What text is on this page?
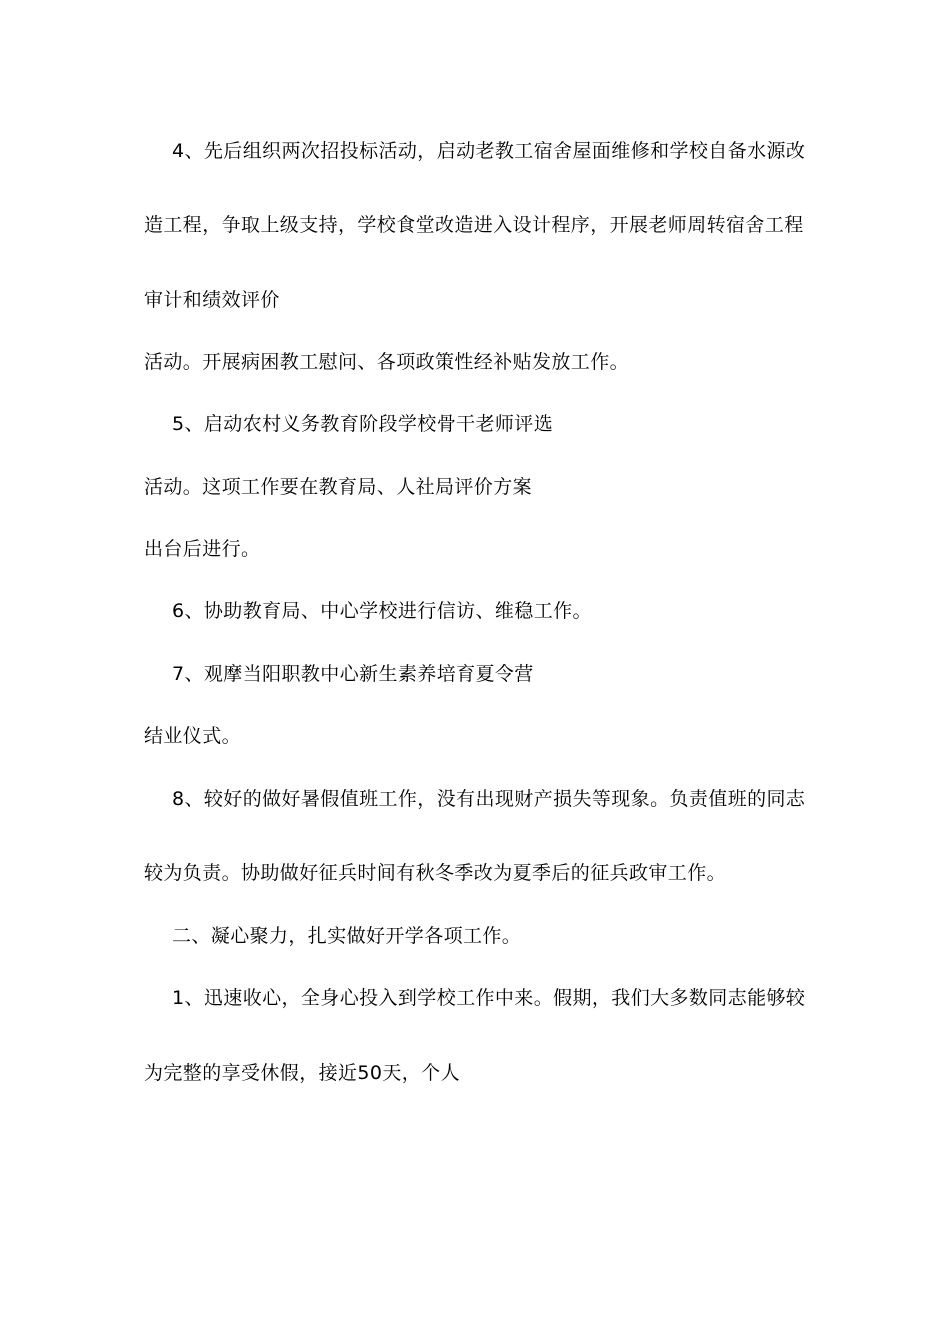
4、先后组织两次招投标活动，启动老教工宿舍屋面维修和学校自备水源改
造工程，争取上级支持，学校食堂改造进入设计程序，开展老师周转宿舍工程
审计和绩效评价
活动。开展病困教工慰问、各项政策性经补贴发放工作。
5、启动农村义务教育阶段学校骨干老师评选
活动。这项工作要在教育局、人社局评价方案
出台后进行。
6、协助教育局、中心学校进行信访、维稳工作。
7、观摩当阳职教中心新生素养培育夏令营
结业仪式。
8、较好的做好暑假值班工作，没有出现财产损失等现象。负责值班的同志
较为负责。协助做好征兵时间有秋冬季改为夏季后的征兵政审工作。
二、凝心聚力，扎实做好开学各项工作。
1、迅速收心，全身心投入到学校工作中来。假期，我们大多数同志能够较
为完整的享受休假，接近50天，个人
